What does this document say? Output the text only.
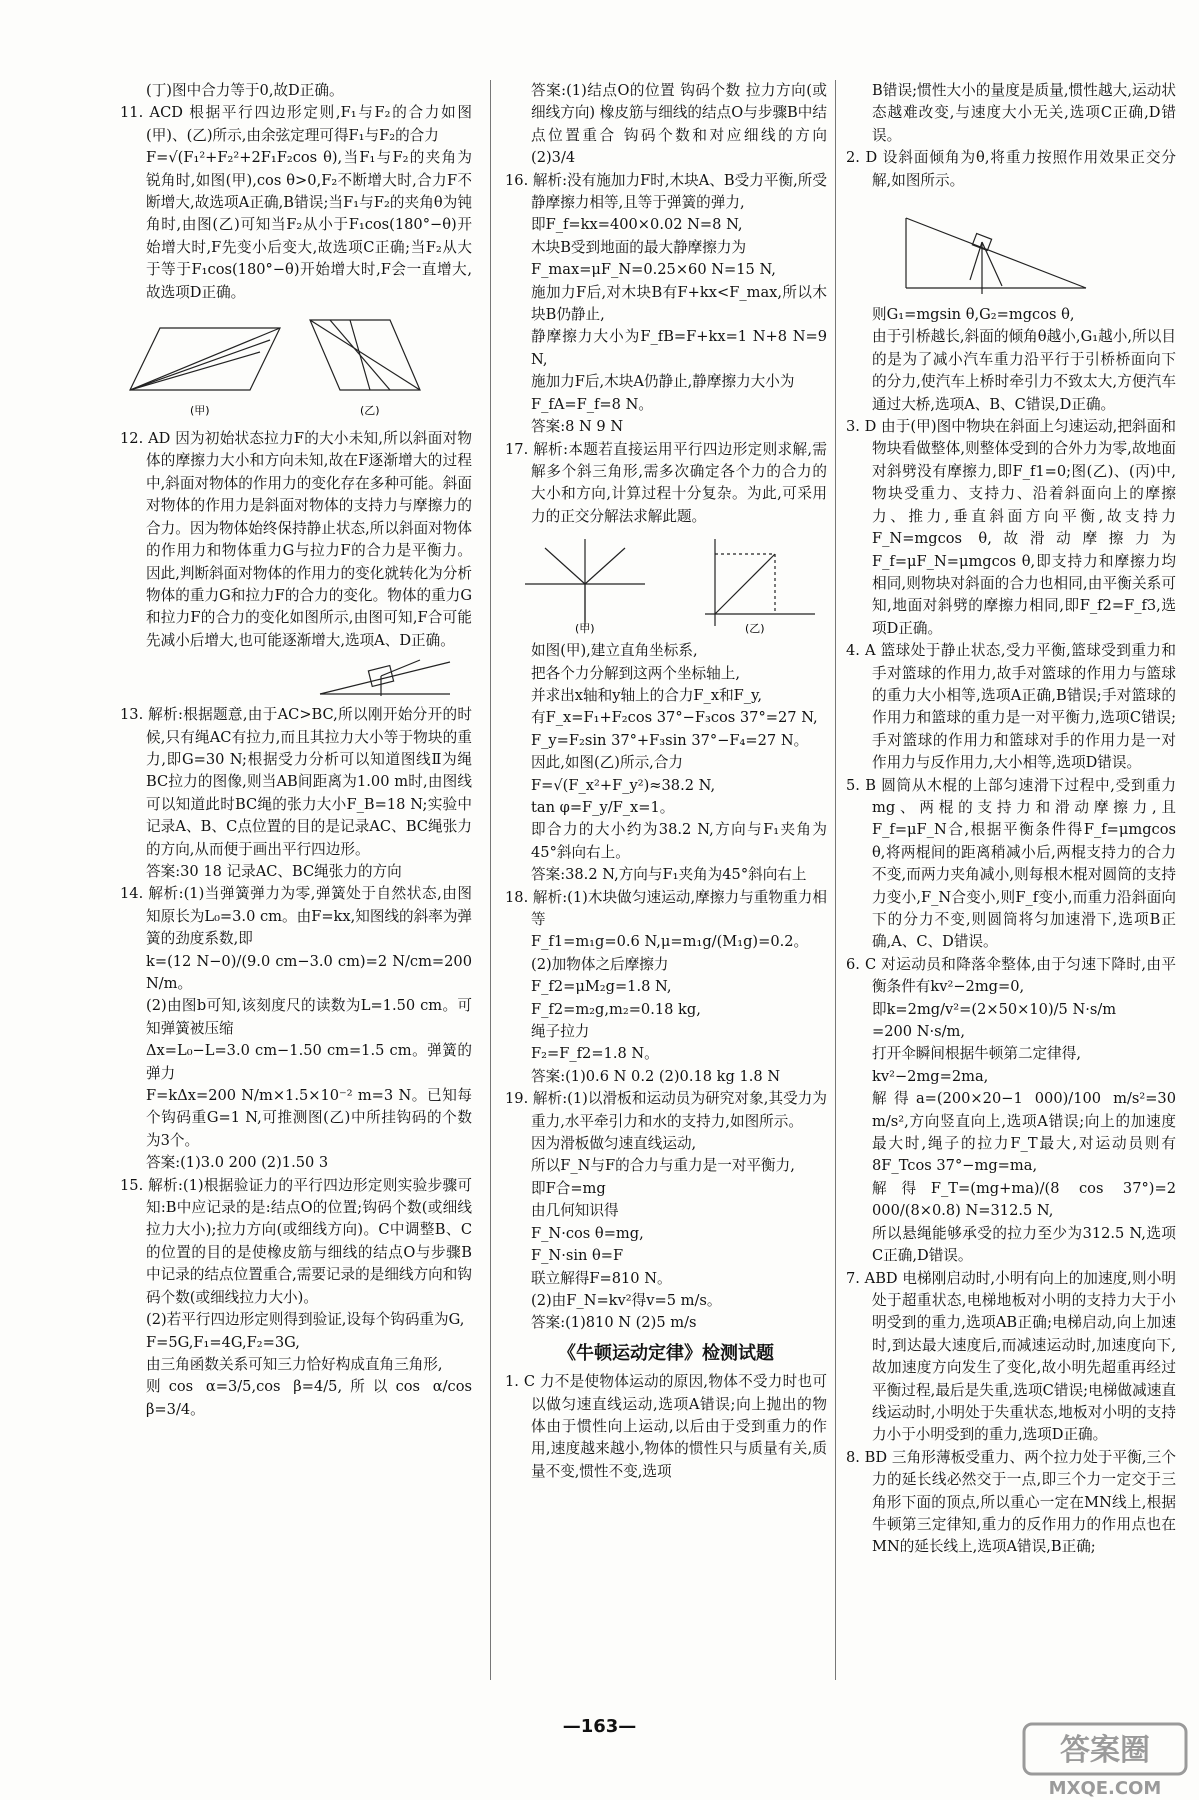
(丁)图中合力等于0,故D正确。

11. ACD 根据平行四边形定则,F₁与F₂的合力如图(甲)、(乙)所示,由余弦定理可得F₁与F₂的合力

F=√(F₁²+F₂²+2F₁F₂cos θ),当F₁与F₂的夹角为锐角时,如图(甲),cos θ>0,F₂不断增大时,合力F不断增大,故选项A正确,B错误;当F₁与F₂的夹角θ为钝角时,由图(乙)可知当F₂从小于F₁cos(180°−θ)开始增大时,F先变小后变大,故选项C正确;当F₂从大于等于F₁cos(180°−θ)开始增大时,F会一直增大,故选项D正确。

(甲)	(乙)

12. AD 因为初始状态拉力F的大小未知,所以斜面对物体的摩擦力大小和方向未知,故在F逐渐增大的过程中,斜面对物体的作用力的变化存在多种可能。斜面对物体的作用力是斜面对物体的支持力与摩擦力的合力。因为物体始终保持静止状态,所以斜面对物体的作用力和物体重力G与拉力F的合力是平衡力。因此,判断斜面对物体的作用力的变化就转化为分析物体的重力G和拉力F的合力的变化。物体的重力G和拉力F的合力的变化如图所示,由图可知,F合可能先减小后增大,也可能逐渐增大,选项A、D正确。

13. 解析:根据题意,由于AC>BC,所以刚开始分开的时候,只有绳AC有拉力,而且其拉力大小等于物块的重力,即G=30 N;根据受力分析可以知道图线Ⅱ为绳BC拉力的图像,则当AB间距离为1.00 m时,由图线可以知道此时BC绳的张力大小F_B=18 N;实验中记录A、B、C点位置的目的是记录AC、BC绳张力的方向,从而便于画出平行四边形。

答案:30 18 记录AC、BC绳张力的方向

14. 解析:(1)当弹簧弹力为零,弹簧处于自然状态,由图知原长为L₀=3.0 cm。由F=kx,知图线的斜率为弹簧的劲度系数,即

k=(12 N−0)/(9.0 cm−3.0 cm)=2 N/cm=200 N/m。

(2)由图b可知,该刻度尺的读数为L=1.50 cm。可知弹簧被压缩

Δx=L₀−L=3.0 cm−1.50 cm=1.5 cm。弹簧的弹力

F=kΔx=200 N/m×1.5×10⁻² m=3 N。已知每个钩码重G=1 N,可推测图(乙)中所挂钩码的个数为3个。

答案:(1)3.0 200 (2)1.50 3

15. 解析:(1)根据验证力的平行四边形定则实验步骤可知:B中应记录的是:结点O的位置;钩码个数(或细线拉力大小);拉力方向(或细线方向)。C中调整B、C的位置的目的是使橡皮筋与细线的结点O与步骤B中记录的结点位置重合,需要记录的是细线方向和钩码个数(或细线拉力大小)。

(2)若平行四边形定则得到验证,设每个钩码重为G,

F=5G,F₁=4G,F₂=3G,

由三角函数关系可知三力恰好构成直角三角形,

则cos α=3/5,cos β=4/5,所以cos α/cos β=3/4。

答案:(1)结点O的位置 钩码个数 拉力方向(或细线方向) 橡皮筋与细线的结点O与步骤B中结点位置重合 钩码个数和对应细线的方向 (2)3/4

16. 解析:没有施加力F时,木块A、B受力平衡,所受静摩擦力相等,且等于弹簧的弹力,

即F_f=kx=400×0.02 N=8 N,

木块B受到地面的最大静摩擦力为

F_max=μF_N=0.25×60 N=15 N,

施加力F后,对木块B有F+kx<F_max,所以木块B仍静止,

静摩擦力大小为F_fB=F+kx=1 N+8 N=9 N,

施加力F后,木块A仍静止,静摩擦力大小为

F_fA=F_f=8 N。

答案:8 N 9 N

17. 解析:本题若直接运用平行四边形定则求解,需解多个斜三角形,需多次确定各个力的合力的大小和方向,计算过程十分复杂。为此,可采用力的正交分解法求解此题。

(甲)	(乙)

如图(甲),建立直角坐标系,

把各个力分解到这两个坐标轴上,

并求出x轴和y轴上的合力F_x和F_y,

有F_x=F₁+F₂cos 37°−F₃cos 37°=27 N,

F_y=F₂sin 37°+F₃sin 37°−F₄=27 N。

因此,如图(乙)所示,合力

F=√(F_x²+F_y²)≈38.2 N,

tan φ=F_y/F_x=1。

即合力的大小约为38.2 N,方向与F₁夹角为45°斜向右上。

答案:38.2 N,方向与F₁夹角为45°斜向右上

18. 解析:(1)木块做匀速运动,摩擦力与重物重力相等

F_f1=m₁g=0.6 N,μ=m₁g/(M₁g)=0.2。

(2)加物体之后摩擦力

F_f2=μM₂g=1.8 N,

F_f2=m₂g,m₂=0.18 kg,

绳子拉力

F₂=F_f2=1.8 N。

答案:(1)0.6 N 0.2 (2)0.18 kg 1.8 N

19. 解析:(1)以滑板和运动员为研究对象,其受力为重力,水平牵引力和水的支持力,如图所示。

因为滑板做匀速直线运动,

所以F_N与F的合力与重力是一对平衡力,

即F合=mg

由几何知识得

F_N·cos θ=mg,

F_N·sin θ=F

联立解得F=810 N。

(2)由F_N=kv²得v=5 m/s。

答案:(1)810 N (2)5 m/s

《牛顿运动定律》检测试题

1. C 力不是使物体运动的原因,物体不受力时也可以做匀速直线运动,选项A错误;向上抛出的物体由于惯性向上运动,以后由于受到重力的作用,速度越来越小,物体的惯性只与质量有关,质量不变,惯性不变,选项

B错误;惯性大小的量度是质量,惯性越大,运动状态越难改变,与速度大小无关,选项C正确,D错误。

2. D 设斜面倾角为θ,将重力按照作用效果正交分解,如图所示。

则G₁=mgsin θ,G₂=mgcos θ,

由于引桥越长,斜面的倾角θ越小,G₁越小,所以目的是为了减小汽车重力沿平行于引桥桥面向下的分力,使汽车上桥时牵引力不致太大,方便汽车通过大桥,选项A、B、C错误,D正确。

3. D 由于(甲)图中物块在斜面上匀速运动,把斜面和物块看做整体,则整体受到的合外力为零,故地面对斜劈没有摩擦力,即F_f1=0;图(乙)、(丙)中,物块受重力、支持力、沿着斜面向上的摩擦力、推力,垂直斜面方向平衡,故支持力F_N=mgcos θ,故滑动摩擦力为F_f=μF_N=μmgcos θ,即支持力和摩擦力均相同,则物块对斜面的合力也相同,由平衡关系可知,地面对斜劈的摩擦力相同,即F_f2=F_f3,选项D正确。

4. A 篮球处于静止状态,受力平衡,篮球受到重力和手对篮球的作用力,故手对篮球的作用力与篮球的重力大小相等,选项A正确,B错误;手对篮球的作用力和篮球的重力是一对平衡力,选项C错误;手对篮球的作用力和篮球对手的作用力是一对作用力与反作用力,大小相等,选项D错误。

5. B 圆筒从木棍的上部匀速滑下过程中,受到重力mg、两棍的支持力和滑动摩擦力,且F_f=μF_N合,根据平衡条件得F_f=μmgcos θ,将两棍间的距离稍减小后,两棍支持力的合力不变,而两力夹角减小,则每根木棍对圆筒的支持力变小,F_N合变小,则F_f变小,而重力沿斜面向下的分力不变,则圆筒将匀加速滑下,选项B正确,A、C、D错误。

6. C 对运动员和降落伞整体,由于匀速下降时,由平衡条件有kv²−2mg=0,

即k=2mg/v²=(2×50×10)/5 N·s/m

=200 N·s/m,

打开伞瞬间根据牛顿第二定律得,

kv²−2mg=2ma,

解得a=(200×20−1 000)/100 m/s²=30 m/s²,方向竖直向上,选项A错误;向上的加速度最大时,绳子的拉力F_T最大,对运动员则有8F_Tcos 37°−mg=ma,

解得F_T=(mg+ma)/(8 cos 37°)=2 000/(8×0.8) N=312.5 N,

所以悬绳能够承受的拉力至少为312.5 N,选项C正确,D错误。

7. ABD 电梯刚启动时,小明有向上的加速度,则小明处于超重状态,电梯地板对小明的支持力大于小明受到的重力,选项AB正确;电梯启动,向上加速时,到达最大速度后,而减速运动时,加速度向下,故加速度方向发生了变化,故小明先超重再经过平衡过程,最后是失重,选项C错误;电梯做减速直线运动时,小明处于失重状态,地板对小明的支持力小于小明受到的重力,选项D正确。

8. BD 三角形薄板受重力、两个拉力处于平衡,三个力的延长线必然交于一点,即三个力一定交于三角形下面的顶点,所以重心一定在MN线上,根据牛顿第三定律知,重力的反作用力的作用点也在MN的延长线上,选项A错误,B正确;

—163—
答案圈
MXQE.COM
